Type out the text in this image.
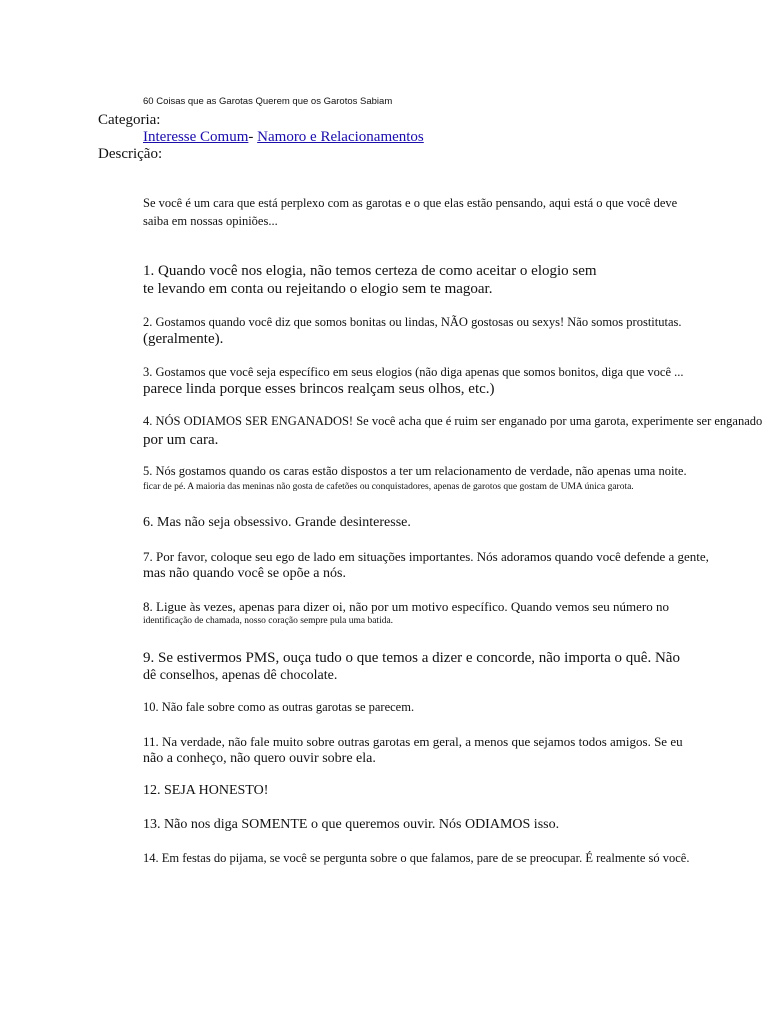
60 Coisas que as Garotas Querem que os Garotos Sabiam
Categoria:
Interesse Comum- Namoro e Relacionamentos
Descrição:
Se você é um cara que está perplexo com as garotas e o que elas estão pensando, aqui está o que você deve
saiba em nossas opiniões...
1. Quando você nos elogia, não temos certeza de como aceitar o elogio sem
te levando em conta ou rejeitando o elogio sem te magoar.
2. Gostamos quando você diz que somos bonitas ou lindas, NÃO gostosas ou sexys! Não somos prostitutas.
(geralmente).
3. Gostamos que você seja específico em seus elogios (não diga apenas que somos bonitos, diga que você ...
parece linda porque esses brincos realçam seus olhos, etc.)
4. NÓS ODIAMOS SER ENGANADOS! Se você acha que é ruim ser enganado por uma garota, experimente ser enganado
por um cara.
5. Nós gostamos quando os caras estão dispostos a ter um relacionamento de verdade, não apenas uma noite.
ficar de pé. A maioria das meninas não gosta de cafetões ou conquistadores, apenas de garotos que gostam de UMA única garota.
6. Mas não seja obsessivo. Grande desinteresse.
7. Por favor, coloque seu ego de lado em situações importantes. Nós adoramos quando você defende a gente,
mas não quando você se opõe a nós.
8. Ligue às vezes, apenas para dizer oi, não por um motivo específico. Quando vemos seu número no
identificação de chamada, nosso coração sempre pula uma batida.
9. Se estivermos PMS, ouça tudo o que temos a dizer e concorde, não importa o quê. Não
dê conselhos, apenas dê chocolate.
10. Não fale sobre como as outras garotas se parecem.
11. Na verdade, não fale muito sobre outras garotas em geral, a menos que sejamos todos amigos. Se eu
não a conheço, não quero ouvir sobre ela.
12. SEJA HONESTO!
13. Não nos diga SOMENTE o que queremos ouvir. Nós ODIAMOS isso.
14. Em festas do pijama, se você se pergunta sobre o que falamos, pare de se preocupar. É realmente só você.
